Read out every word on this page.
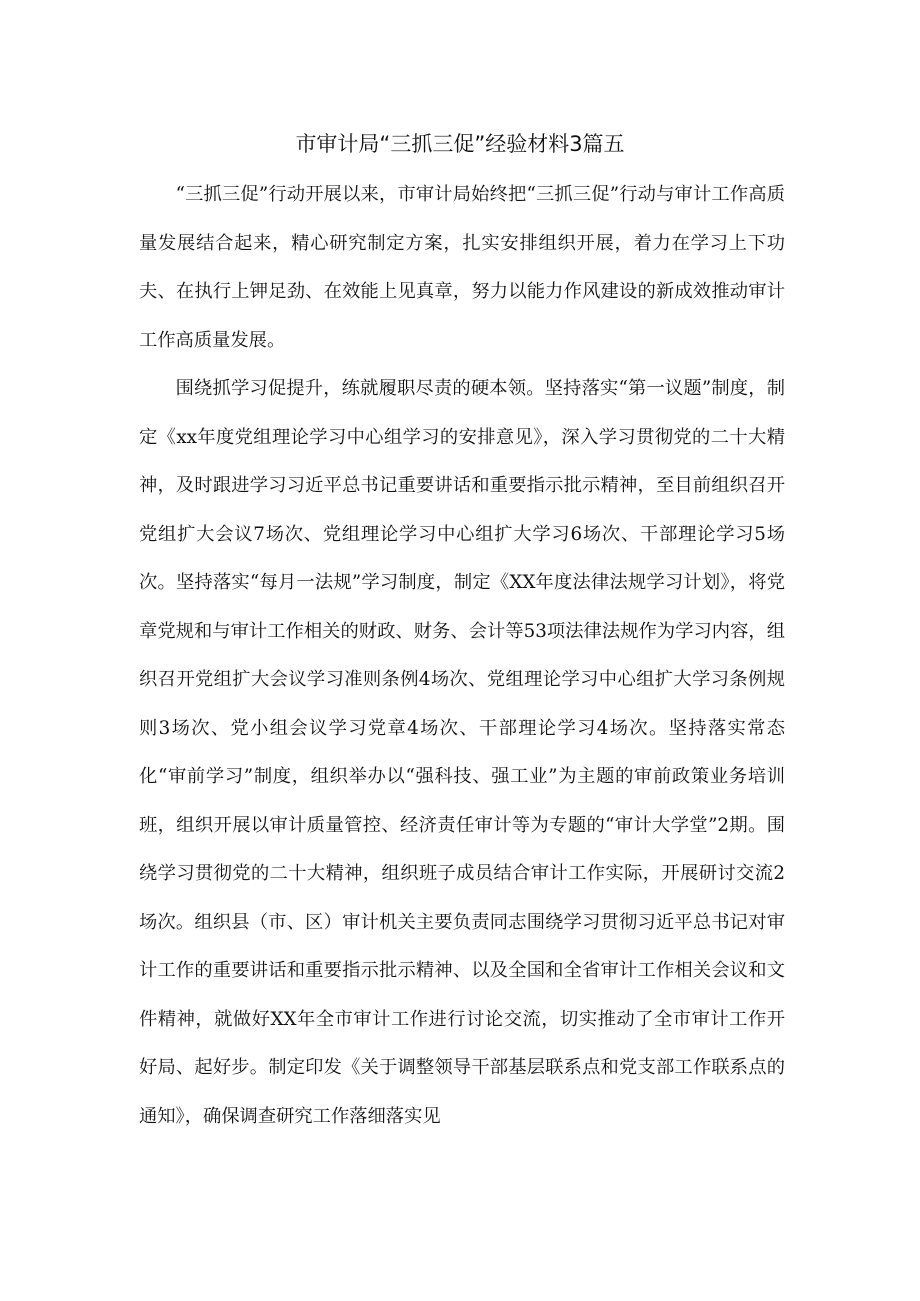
市审计局“三抓三促”经验材料3篇五

“三抓三促”行动开展以来，市审计局始终把“三抓三促”行动与审计工作高质量发展结合起来，精心研究制定方案，扎实安排组织开展，着力在学习上下功夫、在执行上钾足劲、在效能上见真章，努力以能力作风建设的新成效推动审计工作高质量发展。

围绕抓学习促提升，练就履职尽责的硬本领。坚持落实“第一议题”制度，制定《xx年度党组理论学习中心组学习的安排意见》，深入学习贯彻党的二十大精神，及时跟进学习习近平总书记重要讲话和重要指示批示精神，至目前组织召开党组扩大会议7场次、党组理论学习中心组扩大学习6场次、干部理论学习5场次。坚持落实“每月一法规”学习制度，制定《XX年度法律法规学习计划》，将党章党规和与审计工作相关的财政、财务、会计等53项法律法规作为学习内容，组织召开党组扩大会议学习准则条例4场次、党组理论学习中心组扩大学习条例规则3场次、党小组会议学习党章4场次、干部理论学习4场次。坚持落实常态化“审前学习”制度，组织举办以“强科技、强工业”为主题的审前政策业务培训班，组织开展以审计质量管控、经济责任审计等为专题的“审计大学堂”2期。围绕学习贯彻党的二十大精神，组织班子成员结合审计工作实际，开展研讨交流2场次。组织县（市、区）审计机关主要负责同志围绕学习贯彻习近平总书记对审计工作的重要讲话和重要指示批示精神、以及全国和全省审计工作相关会议和文件精神，就做好XX年全市审计工作进行讨论交流，切实推动了全市审计工作开好局、起好步。制定印发《关于调整领导干部基层联系点和党支部工作联系点的通知》，确保调查研究工作落细落实见
